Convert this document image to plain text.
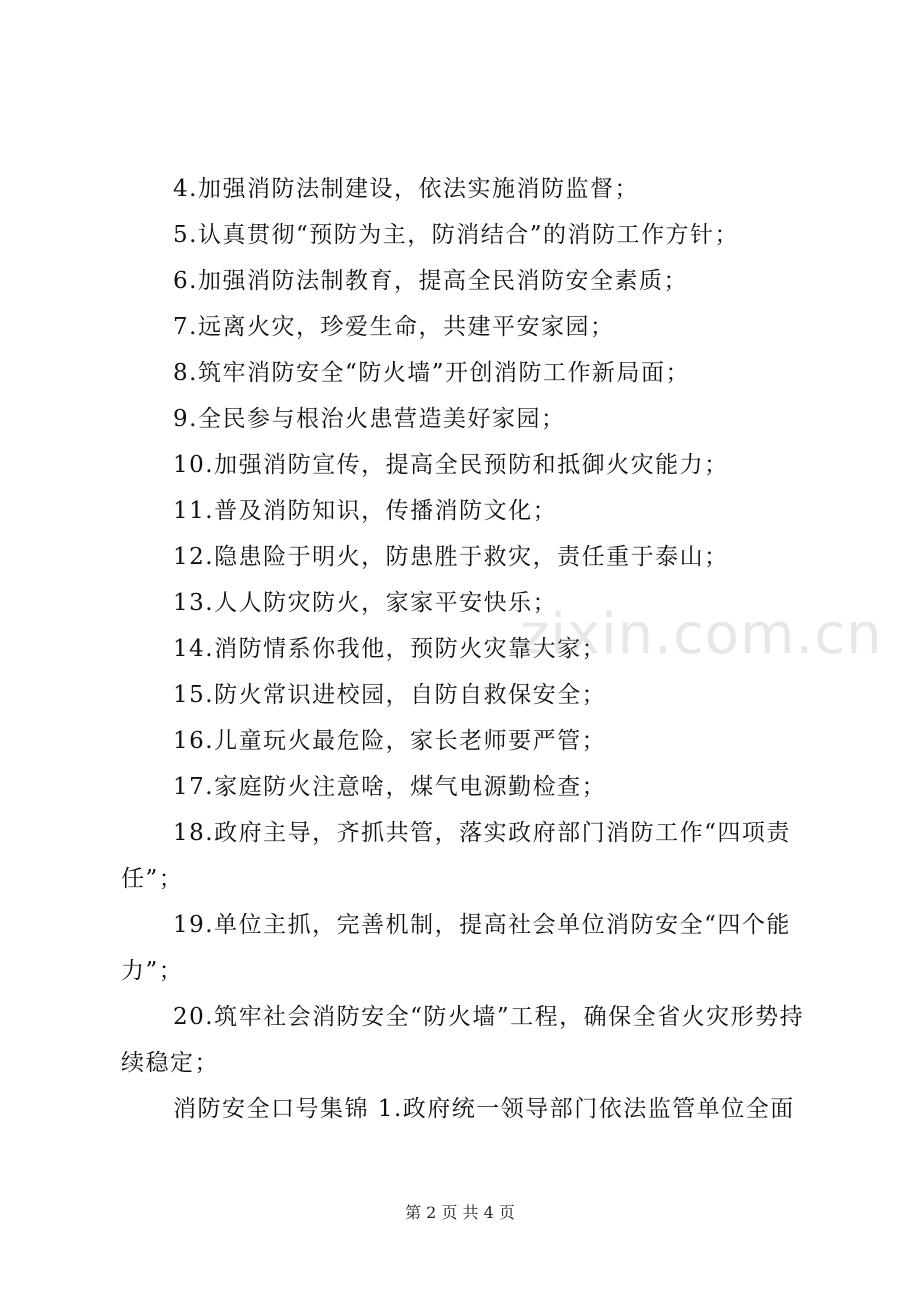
4.加强消防法制建设，依法实施消防监督；

5.认真贯彻“预防为主，防消结合”的消防工作方针；

6.加强消防法制教育，提高全民消防安全素质；

7.远离火灾，珍爱生命，共建平安家园；

8.筑牢消防安全“防火墙”开创消防工作新局面；

9.全民参与根治火患营造美好家园；

10.加强消防宣传，提高全民预防和抵御火灾能力；

11.普及消防知识，传播消防文化；

12.隐患险于明火，防患胜于救灾，责任重于泰山；

13.人人防灾防火，家家平安快乐；

14.消防情系你我他，预防火灾靠大家；

15.防火常识进校园，自防自救保安全；

16.儿童玩火最危险，家长老师要严管；

17.家庭防火注意啥，煤气电源勤检查；

18.政府主导，齐抓共管，落实政府部门消防工作“四项责任”；

19.单位主抓，完善机制，提高社会单位消防安全“四个能力”；

20.筑牢社会消防安全“防火墙”工程，确保全省火灾形势持续稳定；

消防安全口号集锦 1.政府统一领导部门依法监管单位全面

zixin.com.cn
第 2 页 共 4 页
